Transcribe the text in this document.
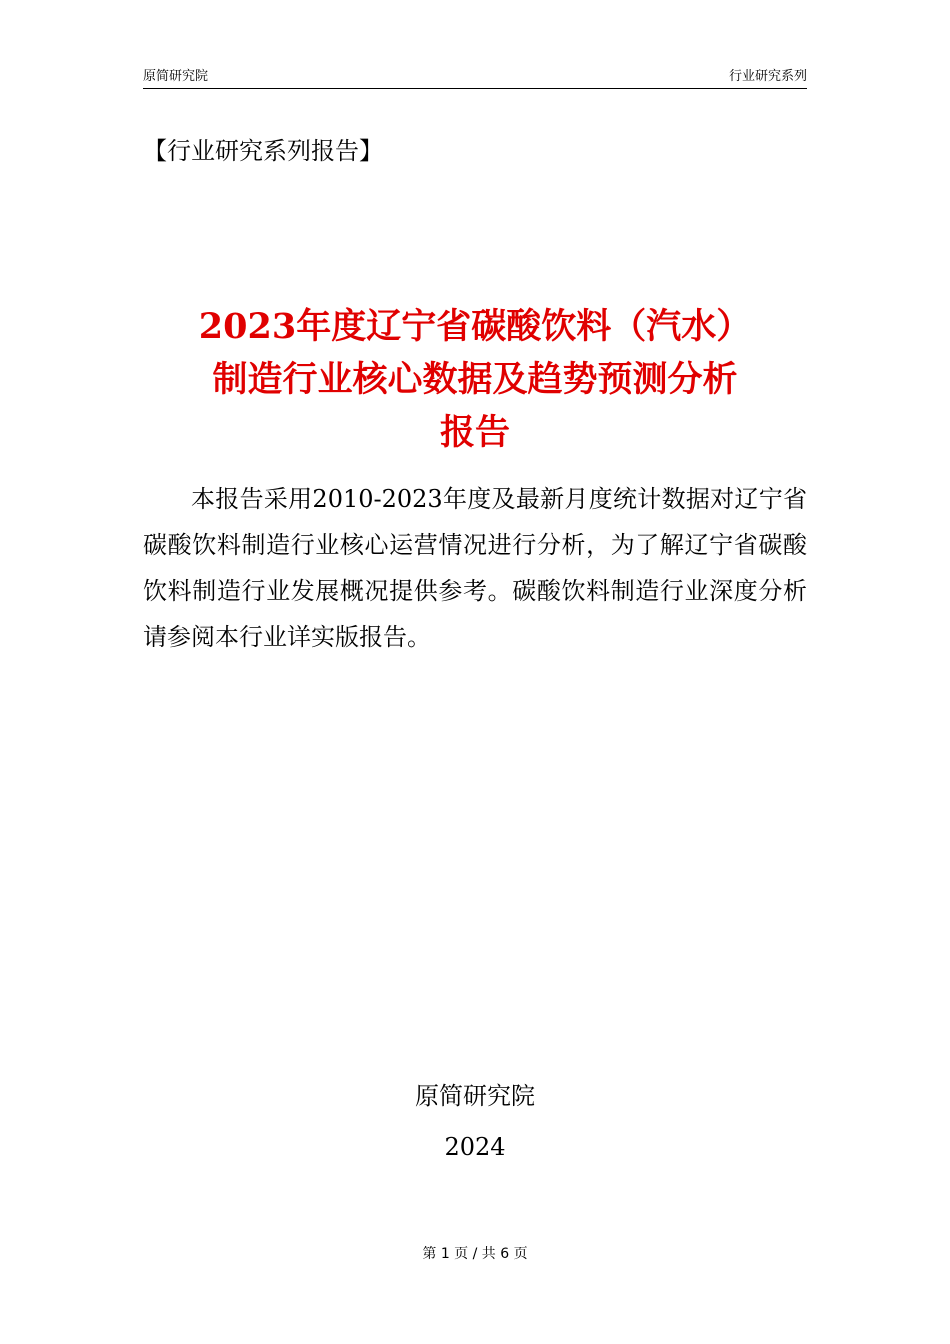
原简研究院	行业研究系列
【行业研究系列报告】
2023年度辽宁省碳酸饮料（汽水）
制造行业核心数据及趋势预测分析
报告

本报告采用2010-2023年度及最新月度统计数据对辽宁省碳酸饮料制造行业核心运营情况进行分析，为了解辽宁省碳酸饮料制造行业发展概况提供参考。碳酸饮料制造行业深度分析请参阅本行业详实版报告。

原简研究院
2024
第 1 页 / 共 6 页
